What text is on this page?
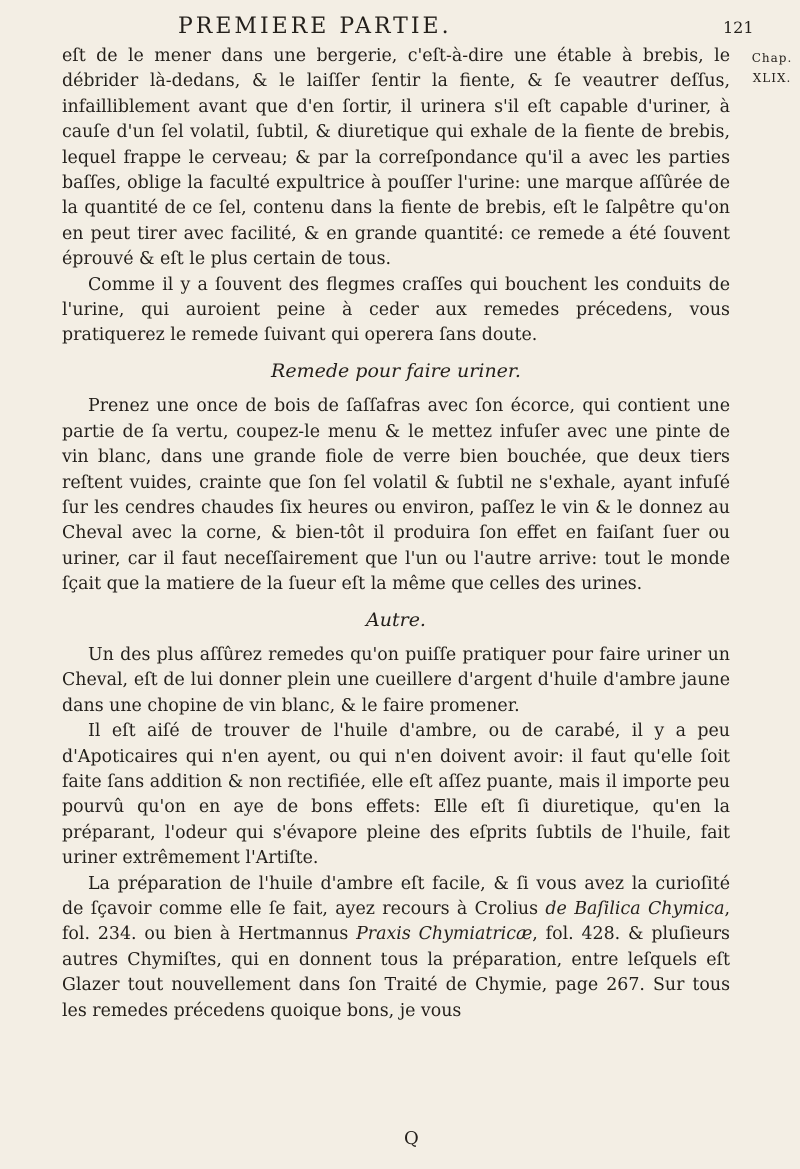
PREMIERE PARTIE.	121
Chap.
XLIX.

eſt de le mener dans une bergerie, c'eſt-à-dire une étable à brebis, le débrider là-dedans, & le laiſſer ſentir la fiente, & ſe veautrer deſſus, infailliblement avant que d'en ſortir, il urinera s'il eſt capable d'uriner, à cauſe d'un ſel volatil, ſubtil, & diuretique qui exhale de la fiente de brebis, lequel frappe le cerveau; & par la correſpondance qu'il a avec les parties baſſes, oblige la faculté expultrice à pouſſer l'urine: une marque aſſûrée de la quantité de ce ſel, contenu dans la fiente de brebis, eſt le ſalpêtre qu'on en peut tirer avec facilité, & en grande quantité: ce remede a été ſouvent éprouvé & eſt le plus certain de tous.

Comme il y a ſouvent des flegmes craſſes qui bouchent les conduits de l'urine, qui auroient peine à ceder aux remedes précedens, vous pratiquerez le remede ſuivant qui operera ſans doute.

Remede pour faire uriner.

Prenez une once de bois de ſaſſafras avec ſon écorce, qui contient une partie de ſa vertu, coupez-le menu & le mettez infuſer avec une pinte de vin blanc, dans une grande fiole de verre bien bouchée, que deux tiers reſtent vuides, crainte que ſon ſel volatil & ſubtil ne s'exhale, ayant infuſé ſur les cendres chaudes ſix heures ou environ, paſſez le vin & le donnez au Cheval avec la corne, & bien-tôt il produira ſon effet en faiſant ſuer ou uriner, car il faut neceſſairement que l'un ou l'autre arrive: tout le monde ſçait que la matiere de la ſueur eſt la même que celles des urines.

Autre.

Un des plus aſſûrez remedes qu'on puiſſe pratiquer pour faire uriner un Cheval, eſt de lui donner plein une cueillere d'argent d'huile d'ambre jaune dans une chopine de vin blanc, & le faire promener.

Il eſt aiſé de trouver de l'huile d'ambre, ou de carabé, il y a peu d'Apoticaires qui n'en ayent, ou qui n'en doivent avoir: il faut qu'elle ſoit faite ſans addition & non rectifiée, elle eſt aſſez puante, mais il importe peu pourvû qu'on en aye de bons effets: Elle eſt ſi diuretique, qu'en la préparant, l'odeur qui s'évapore pleine des eſprits ſubtils de l'huile, fait uriner extrêmement l'Artiſte.

La préparation de l'huile d'ambre eſt facile, & ſi vous avez la curioſité de ſçavoir comme elle ſe fait, ayez recours à Crolius de Baſilica Chymica, fol. 234. ou bien à Hertmannus Praxis Chymiatricæ, fol. 428. & pluſieurs autres Chymiſtes, qui en donnent tous la préparation, entre leſquels eſt Glazer tout nouvellement dans ſon Traité de Chymie, page 267. Sur tous les remedes précedens quoique bons, je vous

Q
